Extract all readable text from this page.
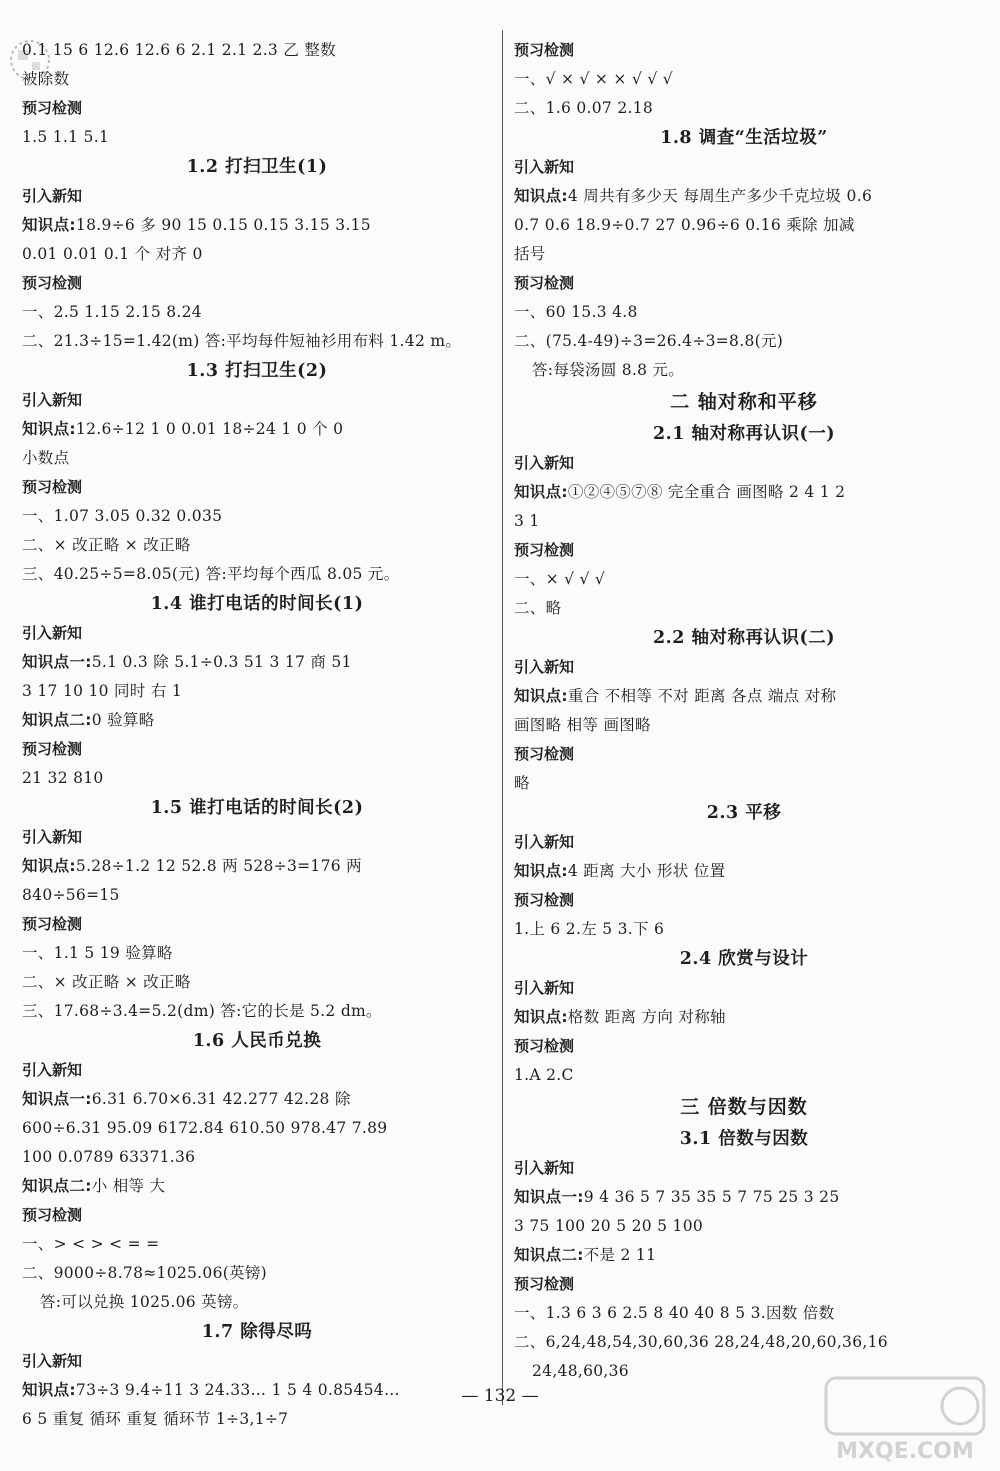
0.1 15 6 12.6 12.6 6 2.1 2.1 2.3 乙 整数
被除数
预习检测
1.5 1.1 5.1
1.2 打扫卫生(1)
引入新知
知识点:18.9÷6 多 90 15 0.15 0.15 3.15 3.15
0.01 0.01 0.1 个 对齐 0
预习检测
一、2.5 1.15 2.15 8.24
二、21.3÷15=1.42(m) 答:平均每件短袖衫用布料 1.42 m。
1.3 打扫卫生(2)
引入新知
知识点:12.6÷12 1 0 0.01 18÷24 1 0 个 0
小数点
预习检测
一、1.07 3.05 0.32 0.035
二、× 改正略 × 改正略
三、40.25÷5=8.05(元) 答:平均每个西瓜 8.05 元。
1.4 谁打电话的时间长(1)
引入新知
知识点一:5.1 0.3 除 5.1÷0.3 51 3 17 商 51
3 17 10 10 同时 右 1
知识点二:0 验算略
预习检测
21 32 810
1.5 谁打电话的时间长(2)
引入新知
知识点:5.28÷1.2 12 52.8 两 528÷3=176 两
840÷56=15
预习检测
一、1.1 5 19 验算略
二、× 改正略 × 改正略
三、17.68÷3.4=5.2(dm) 答:它的长是 5.2 dm。
1.6 人民币兑换
引入新知
知识点一:6.31 6.70×6.31 42.277 42.28 除
600÷6.31 95.09 6172.84 610.50 978.47 7.89
100 0.0789 63371.36
知识点二:小 相等 大
预习检测
一、> < > < = =
二、9000÷8.78≈1025.06(英镑)
答:可以兑换 1025.06 英镑。
1.7 除得尽吗
引入新知
知识点:73÷3 9.4÷11 3 24.33… 1 5 4 0.85454…
6 5 重复 循环 重复 循环节 1÷3,1÷7
预习检测
一、√ × √ × × √ √ √
二、1.6 0.07 2.18
1.8 调查“生活垃圾”
引入新知
知识点:4 周共有多少天 每周生产多少千克垃圾 0.6
0.7 0.6 18.9÷0.7 27 0.96÷6 0.16 乘除 加减
括号
预习检测
一、60 15.3 4.8
二、(75.4-49)÷3=26.4÷3=8.8(元)
答:每袋汤圆 8.8 元。
二 轴对称和平移
2.1 轴对称再认识(一)
引入新知
知识点:①②④⑤⑦⑧ 完全重合 画图略 2 4 1 2
3 1
预习检测
一、× √ √ √
二、略
2.2 轴对称再认识(二)
引入新知
知识点:重合 不相等 不对 距离 各点 端点 对称
画图略 相等 画图略
预习检测
略
2.3 平移
引入新知
知识点:4 距离 大小 形状 位置
预习检测
1.上 6 2.左 5 3.下 6
2.4 欣赏与设计
引入新知
知识点:格数 距离 方向 对称轴
预习检测
1.A 2.C
三 倍数与因数
3.1 倍数与因数
引入新知
知识点一:9 4 36 5 7 35 35 5 7 75 25 3 25
3 75 100 20 5 20 5 100
知识点二:不是 2 11
预习检测
一、1.3 6 3 6 2.5 8 40 40 8 5 3.因数 倍数
二、6,24,48,54,30,60,36 28,24,48,20,60,36,16
24,48,60,36
— 132 —
MXQE.COM
